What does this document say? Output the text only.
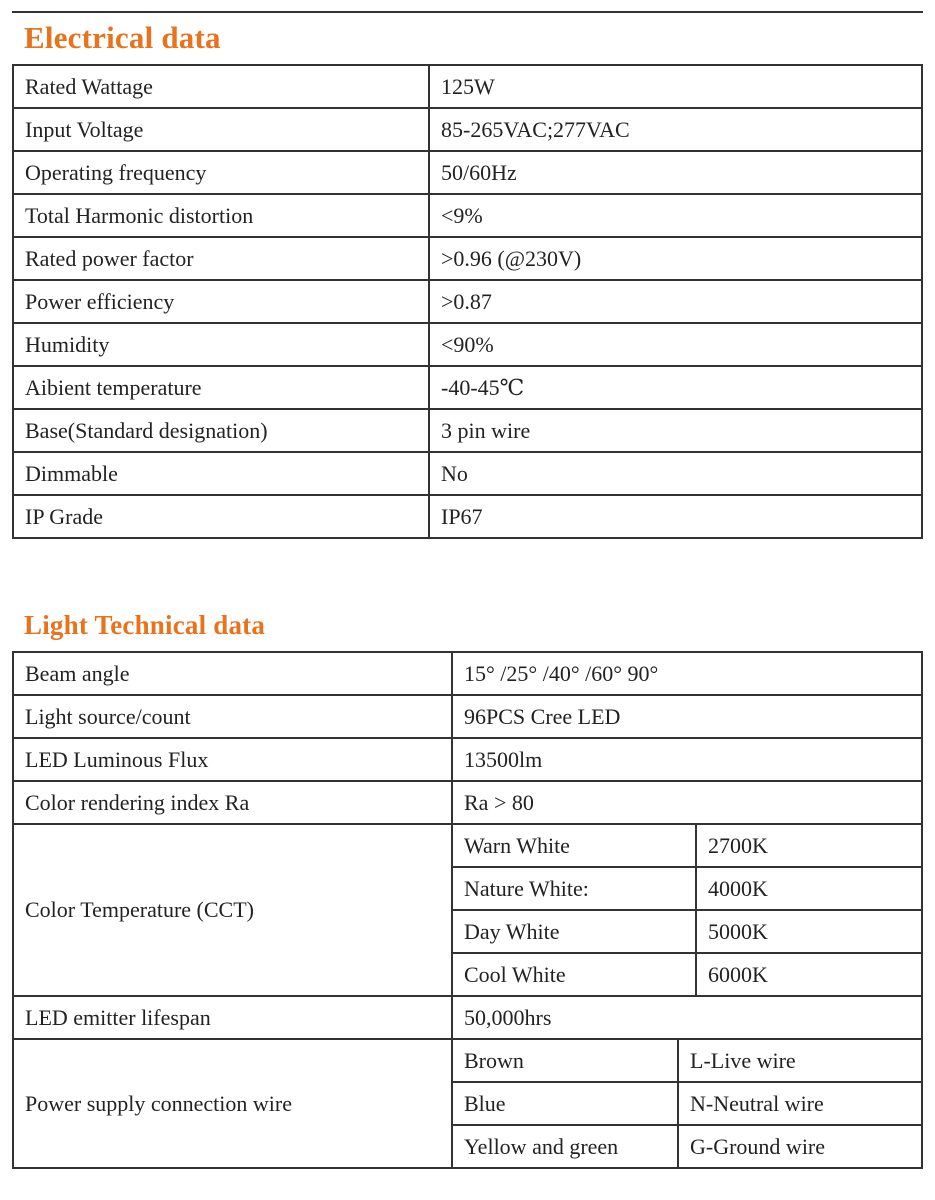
Electrical data
Rated Wattage	125W
Input Voltage	85-265VAC;277VAC
Operating frequency	50/60Hz
Total Harmonic distortion	<9%
Rated power factor	>0.96 (@230V)
Power efficiency	>0.87
Humidity	<90%
Aibient temperature	-40-45℃
Base(Standard designation)	3 pin wire
Dimmable	No
IP Grade	IP67
Light Technical data
Beam angle	15° /25° /40° /60° 90°		
Light source/count	96PCS Cree LED		
LED Luminous Flux	13500lm		
Color rendering index Ra	Ra > 80		
Color Temperature (CCT)	Warn White		2700K
	Nature White:		4000K
	Day White		5000K
	Cool White		6000K
LED emitter lifespan	50,000hrs		
Power supply connection wire	Brown	L-Live wire	
	Blue	N-Neutral wire	
	Yellow and green	G-Ground wire	
